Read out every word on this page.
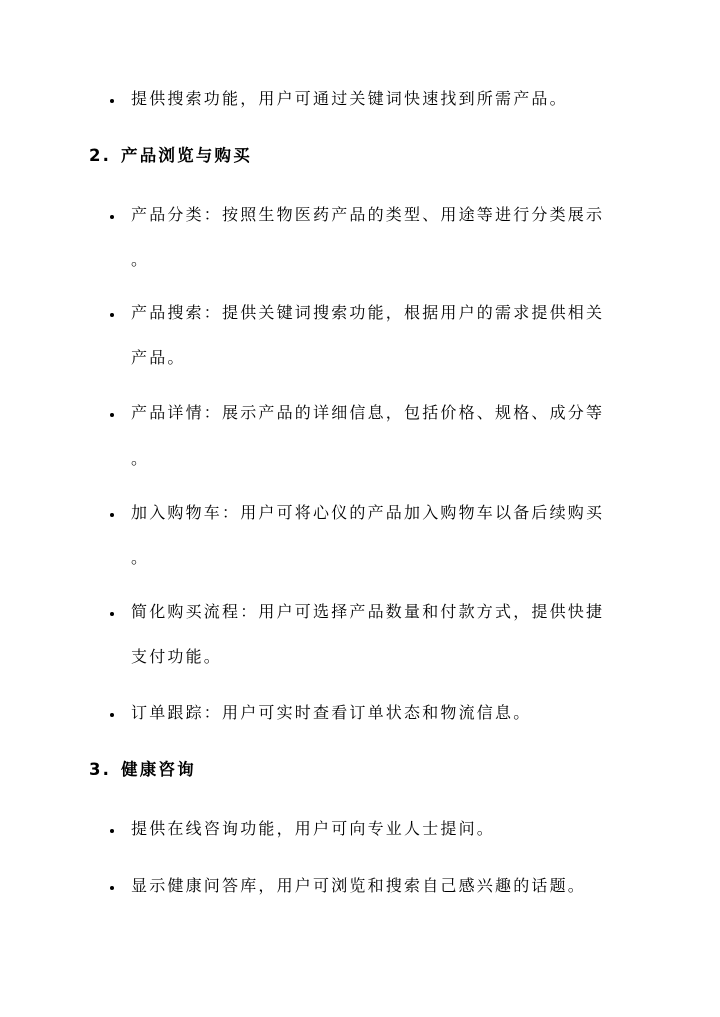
提供搜索功能，用户可通过关键词快速找到所需产品。
2. 产品浏览与购买
产品分类：按照生物医药产品的类型、用途等进行分类展示
。
产品搜索：提供关键词搜索功能，根据用户的需求提供相关
产品。
产品详情：展示产品的详细信息，包括价格、规格、成分等
。
加入购物车：用户可将心仪的产品加入购物车以备后续购买
。
简化购买流程：用户可选择产品数量和付款方式，提供快捷
支付功能。
订单跟踪：用户可实时查看订单状态和物流信息。
3. 健康咨询
提供在线咨询功能，用户可向专业人士提问。
显示健康问答库，用户可浏览和搜索自己感兴趣的话题。
